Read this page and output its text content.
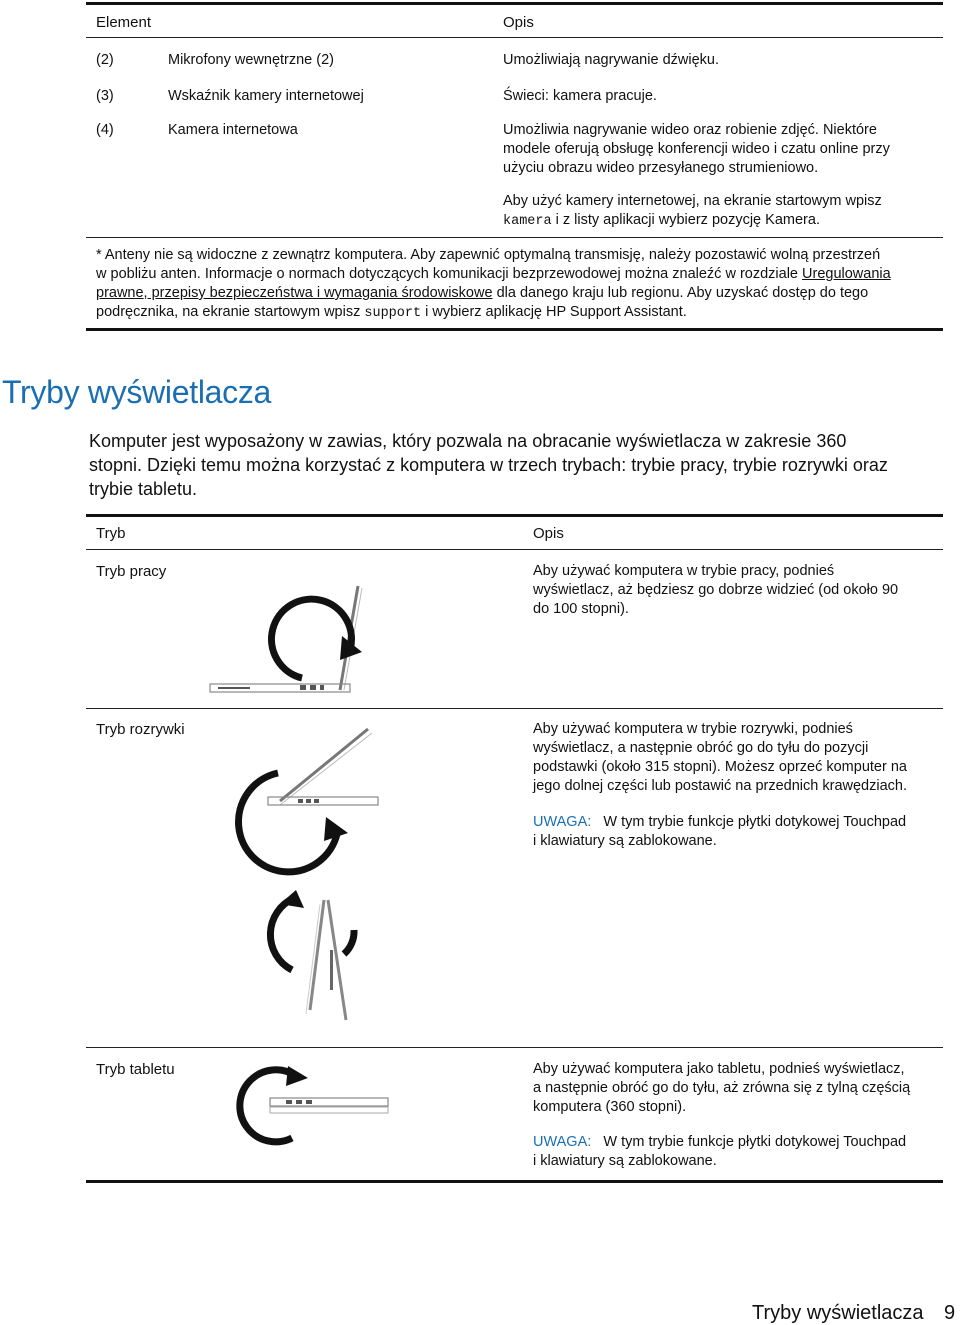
Element	Opis
(2)	Mikrofony wewnętrzne (2)	Umożliwiają nagrywanie dźwięku.
(3)	Wskaźnik kamery internetowej	Świeci: kamera pracuje.
(4)	Kamera internetowa	Umożliwia nagrywanie wideo oraz robienie zdjęć. Niektóre
modele oferują obsługę konferencji wideo i czatu online przy
użyciu obrazu wideo przesyłanego strumieniowo.
Aby użyć kamery internetowej, na ekranie startowym wpisz
kamera i z listy aplikacji wybierz pozycję Kamera.
* Anteny nie są widoczne z zewnątrz komputera. Aby zapewnić optymalną transmisję, należy pozostawić wolną przestrzeń
w pobliżu anten. Informacje o normach dotyczących komunikacji bezprzewodowej można znaleźć w rozdziale Uregulowania
prawne, przepisy bezpieczeństwa i wymagania środowiskowe dla danego kraju lub regionu. Aby uzyskać dostęp do tego
podręcznika, na ekranie startowym wpisz support i wybierz aplikację HP Support Assistant.
Tryby wyświetlacza
Komputer jest wyposażony w zawias, który pozwala na obracanie wyświetlacza w zakresie 360
stopni. Dzięki temu można korzystać z komputera w trzech trybach: trybie pracy, trybie rozrywki oraz
trybie tabletu.
Tryb	Opis
Tryb pracy	Aby używać komputera w trybie pracy, podnieś
wyświetlacz, aż będziesz go dobrze widzieć (od około 90
do 100 stopni).
Tryb rozrywki	Aby używać komputera w trybie rozrywki, podnieś
wyświetlacz, a następnie obróć go do tyłu do pozycji
podstawki (około 315 stopni). Możesz oprzeć komputer na
jego dolnej części lub postawić na przednich krawędziach.
UWAGA: W tym trybie funkcje płytki dotykowej Touchpad
i klawiatury są zablokowane.
Tryb tabletu	Aby używać komputera jako tabletu, podnieś wyświetlacz,
a następnie obróć go do tyłu, aż zrówna się z tylną częścią
komputera (360 stopni).
UWAGA: W tym trybie funkcje płytki dotykowej Touchpad
i klawiatury są zablokowane.
Tryby wyświetlacza 9
